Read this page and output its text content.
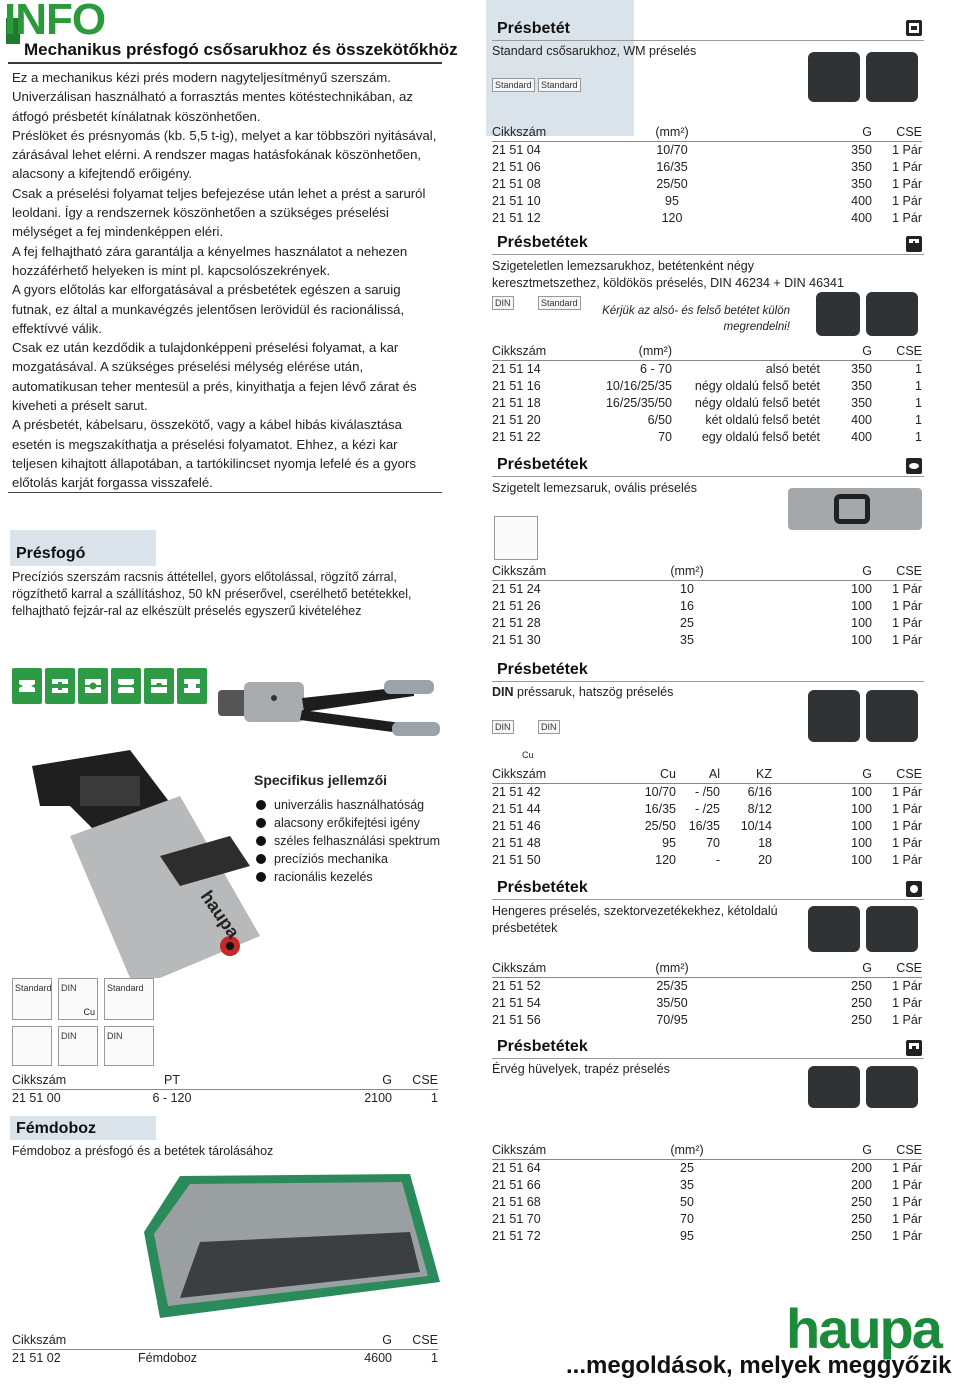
INFO
Mechanikus présfogó csősarukhoz és összekötőkhöz

Ez a mechanikus kézi prés modern nagyteljesítményű szerszám. Univerzálisan használható a forrasztás mentes kötéstechnikában, az átfogó présbetét kínálatnak köszönhetően.

Préslöket és présnyomás (kb. 5,5 t-ig), melyet a kar többszöri nyitásával, zárásával lehet elérni. A rendszer magas hatásfokának köszönhetően, alacsony a kifejtendő erőigény.

Csak a préselési folyamat teljes befejezése után lehet a prést a saruról leoldani. Így a rendszernek köszönhetően a szükséges préselési mélységet a fej mindenképpen eléri.

A fej felhajtható zára garantálja a kényelmes használatot a nehezen hozzáférhető helyeken is mint pl. kapcsolószekrények.

A gyors előtolás kar elforgatásával a présbetétek egészen a saruig futnak, ez által a munkavégzés jelentősen lerövidül és racionálissá, effektívvé válik.

Csak ez után kezdődik a tulajdonképpeni préselési folyamat, a kar mozgatásával. A szükséges préselési mélység elérése után, automatikusan teher mentesül a prés, kinyithatja a fejen lévő zárat és kiveheti a préselt sarut.

A présbetét, kábelsaru, összekötő, vagy a kábel hibás kiválasztása esetén is megszakíthatja a préselési folyamatot. Ehhez, a kézi kar teljesen kihajtott állapotában, a tartókilincset nyomja lefelé és a gyors előtolás karját forgassa visszafelé.

Présfogó
Precíziós szerszám racsnis áttétellel, gyors előtolással, rögzítő zárral, rögzíthető karral a szállításhoz, 50 kN préserővel, cserélhető betétekkel, felhajtható fejzár-ral az elkészült préselés egyszerű kivételéhez
haupa
Specifikus jellemzői
univerzális használhatóság
alacsony erőkifejtési igény
széles felhasználási spektrum
precíziós mechanika
racionális kezelés
Standard	DIN
Cu
Standard
DIN	DIN
Cikkszám	PT	G	CSE
21 51 00	6 - 120	2100	1
Fémdoboz
Fémdoboz a présfogó és a betétek tárolásához
Cikkszám		G	CSE
21 51 02	Fémdoboz	4600	1
Présbetét
Standard csősarukhoz, WM préselés
Standard	Standard
Cikkszám	(mm²)	G	CSE
21 51 04	10/70	350	1 Pár
21 51 06	16/35	350	1 Pár
21 51 08	25/50	350	1 Pár
21 51 10	95	400	1 Pár
21 51 12	120	400	1 Pár
Présbetétek
Szigeteletlen lemezsarukhoz, betétenként négy keresztmetszethez, köldökös préselés, DIN 46234 + DIN 46341
DIN	Standard
Kérjük az alsó- és felső betétet külön megrendelni!
Cikkszám	(mm²)		G	CSE
21 51 14	6 - 70	alsó betét	350	1
21 51 16	10/16/25/35	négy oldalú felső betét	350	1
21 51 18	16/25/35/50	négy oldalú felső betét	350	1
21 51 20	6/50	két oldalú felső betét	400	1
21 51 22	70	egy oldalú felső betét	400	1
Présbetétek
Szigetelt lemezsaruk, ovális préselés
Cikkszám	(mm²)	G	CSE
21 51 24	10	100	1 Pár
21 51 26	16	100	1 Pár
21 51 28	25	100	1 Pár
21 51 30	35	100	1 Pár
Présbetétek
DIN préssaruk, hatszög préselés
DIN
Cu
DIN
Cikkszám	Cu	Al	KZ	G	CSE
21 51 42	10/70	- /50	6/16	100	1 Pár
21 51 44	16/35	- /25	8/12	100	1 Pár
21 51 46	25/50	16/35	10/14	100	1 Pár
21 51 48	95	70	18	100	1 Pár
21 51 50	120	-	20	100	1 Pár
Présbetétek
Hengeres préselés, szektorvezetékekhez, kétoldalú présbetétek
Cikkszám	(mm²)	G	CSE
21 51 52	25/35	250	1 Pár
21 51 54	35/50	250	1 Pár
21 51 56	70/95	250	1 Pár
Présbetétek
Érvég hüvelyek, trapéz préselés
Cikkszám	(mm²)	G	CSE
21 51 64	25	200	1 Pár
21 51 66	35	200	1 Pár
21 51 68	50	250	1 Pár
21 51 70	70	250	1 Pár
21 51 72	95	250	1 Pár
haupa
...megoldások, melyek meggyőzik
